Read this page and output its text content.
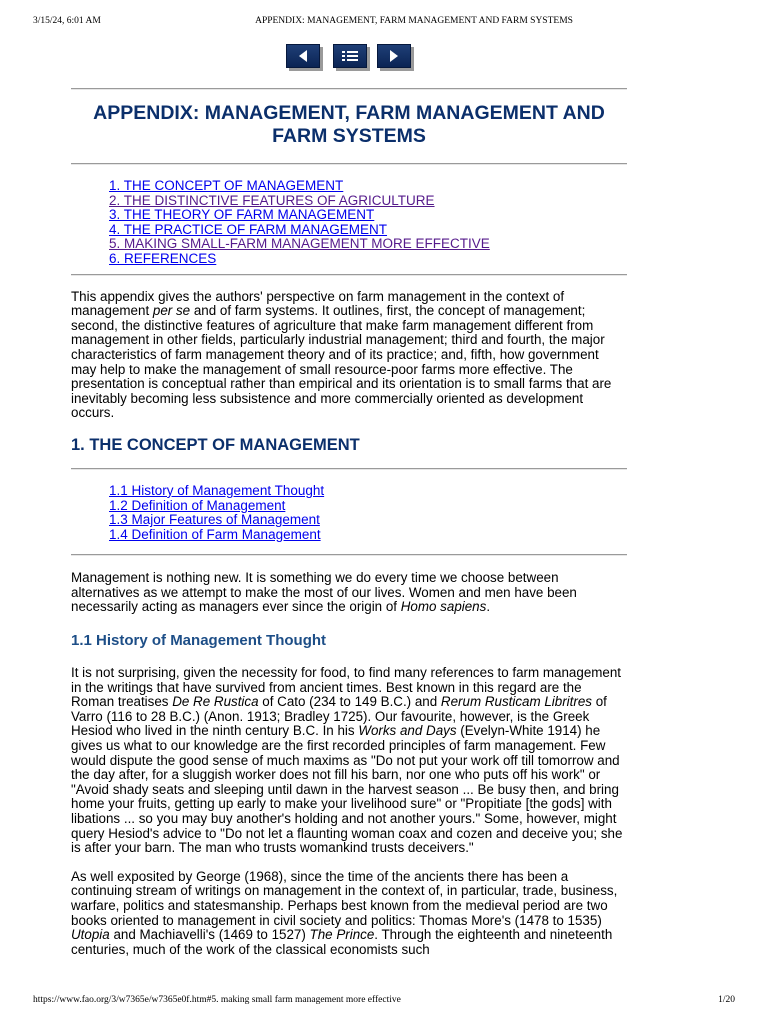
3/15/24, 6:01 AM	APPENDIX: MANAGEMENT, FARM MANAGEMENT AND FARM SYSTEMS
APPENDIX: MANAGEMENT, FARM MANAGEMENT AND
FARM SYSTEMS
1. THE CONCEPT OF MANAGEMENT
2. THE DISTINCTIVE FEATURES OF AGRICULTURE
3. THE THEORY OF FARM MANAGEMENT
4. THE PRACTICE OF FARM MANAGEMENT
5. MAKING SMALL-FARM MANAGEMENT MORE EFFECTIVE
6. REFERENCES

This appendix gives the authors' perspective on farm management in the context of management per se and of farm systems. It outlines, first, the concept of management; second, the distinctive features of agriculture that make farm management different from management in other fields, particularly industrial management; third and fourth, the major characteristics of farm management theory and of its practice; and, fifth, how government may help to make the management of small resource-poor farms more effective. The presentation is conceptual rather than empirical and its orientation is to small farms that are inevitably becoming less subsistence and more commercially oriented as development occurs.

1. THE CONCEPT OF MANAGEMENT
1.1 History of Management Thought
1.2 Definition of Management
1.3 Major Features of Management
1.4 Definition of Farm Management

Management is nothing new. It is something we do every time we choose between alternatives as we attempt to make the most of our lives. Women and men have been necessarily acting as managers ever since the origin of Homo sapiens.

1.1 History of Management Thought

It is not surprising, given the necessity for food, to find many references to farm management in the writings that have survived from ancient times. Best known in this regard are the Roman treatises De Re Rustica of Cato (234 to 149 B.C.) and Rerum Rusticam Libritres of Varro (116 to 28 B.C.) (Anon. 1913; Bradley 1725). Our favourite, however, is the Greek Hesiod who lived in the ninth century B.C. In his Works and Days (Evelyn-White 1914) he gives us what to our knowledge are the first recorded principles of farm management. Few would dispute the good sense of much maxims as "Do not put your work off till tomorrow and the day after, for a sluggish worker does not fill his barn, nor one who puts off his work" or "Avoid shady seats and sleeping until dawn in the harvest season ... Be busy then, and bring home your fruits, getting up early to make your livelihood sure" or "Propitiate [the gods] with libations ... so you may buy another's holding and not another yours." Some, however, might query Hesiod's advice to "Do not let a flaunting woman coax and cozen and deceive you; she is after your barn. The man who trusts womankind trusts deceivers."

As well exposited by George (1968), since the time of the ancients there has been a continuing stream of writings on management in the context of, in particular, trade, business, warfare, politics and statesmanship. Perhaps best known from the medieval period are two books oriented to management in civil society and politics: Thomas More's (1478 to 1535) Utopia and Machiavelli's (1469 to 1527) The Prince. Through the eighteenth and nineteenth centuries, much of the work of the classical economists such

https://www.fao.org/3/w7365e/w7365e0f.htm#5. making small farm management more effective	1/20
